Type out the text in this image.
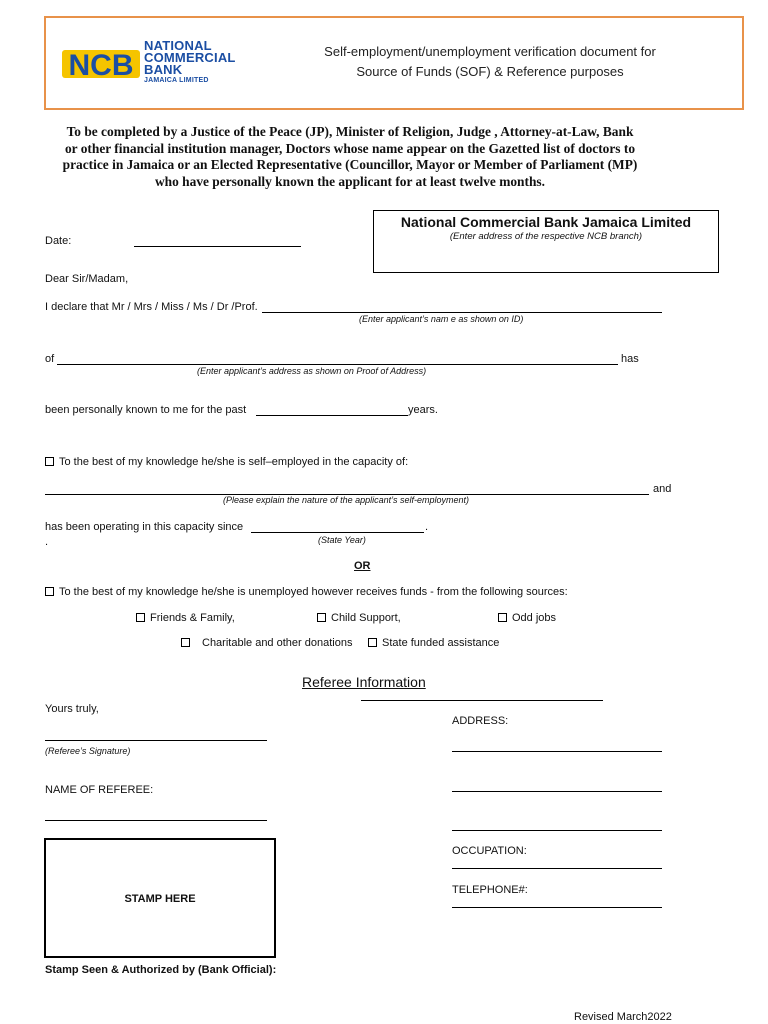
NCB
NATIONAL
COMMERCIAL
BANK
JAMAICA LIMITED
Self-employment/unemployment verification document for
Source of Funds (SOF) & Reference purposes
To be completed by a Justice of the Peace (JP), Minister of Religion, Judge , Attorney-at-Law, Bank
or other financial institution manager, Doctors whose name appear on the Gazetted list of doctors to
practice in Jamaica or an Elected Representative (Councillor, Mayor or Member of Parliament (MP)
who have personally known the applicant for at least twelve months.
National Commercial Bank Jamaica Limited
(Enter address of the respective NCB branch)
Date:
Dear Sir/Madam,
I declare that Mr / Mrs / Miss / Ms / Dr /Prof.
(Enter applicant’s nam e as shown on ID)
of	has
(Enter applicant’s address as shown on Proof of Address)
been personally known to me for the past	years.
To the best of my knowledge he/she is self–employed in the capacity of:
and
(Please explain the nature of the applicant’s self-employment)
has been operating in this capacity since	.
.	(State Year)
OR
To the best of my knowledge he/she is unemployed however receives funds - from the following sources:
Friends & Family,	Child Support,	Odd jobs
Charitable and other donations	State funded assistance
Referee Information
Yours truly,
(Referee’s Signature)
NAME OF REFEREE:
ADDRESS:
OCCUPATION:
TELEPHONE#:
STAMP HERE
Stamp Seen & Authorized by (Bank Official):
Revised March2022
